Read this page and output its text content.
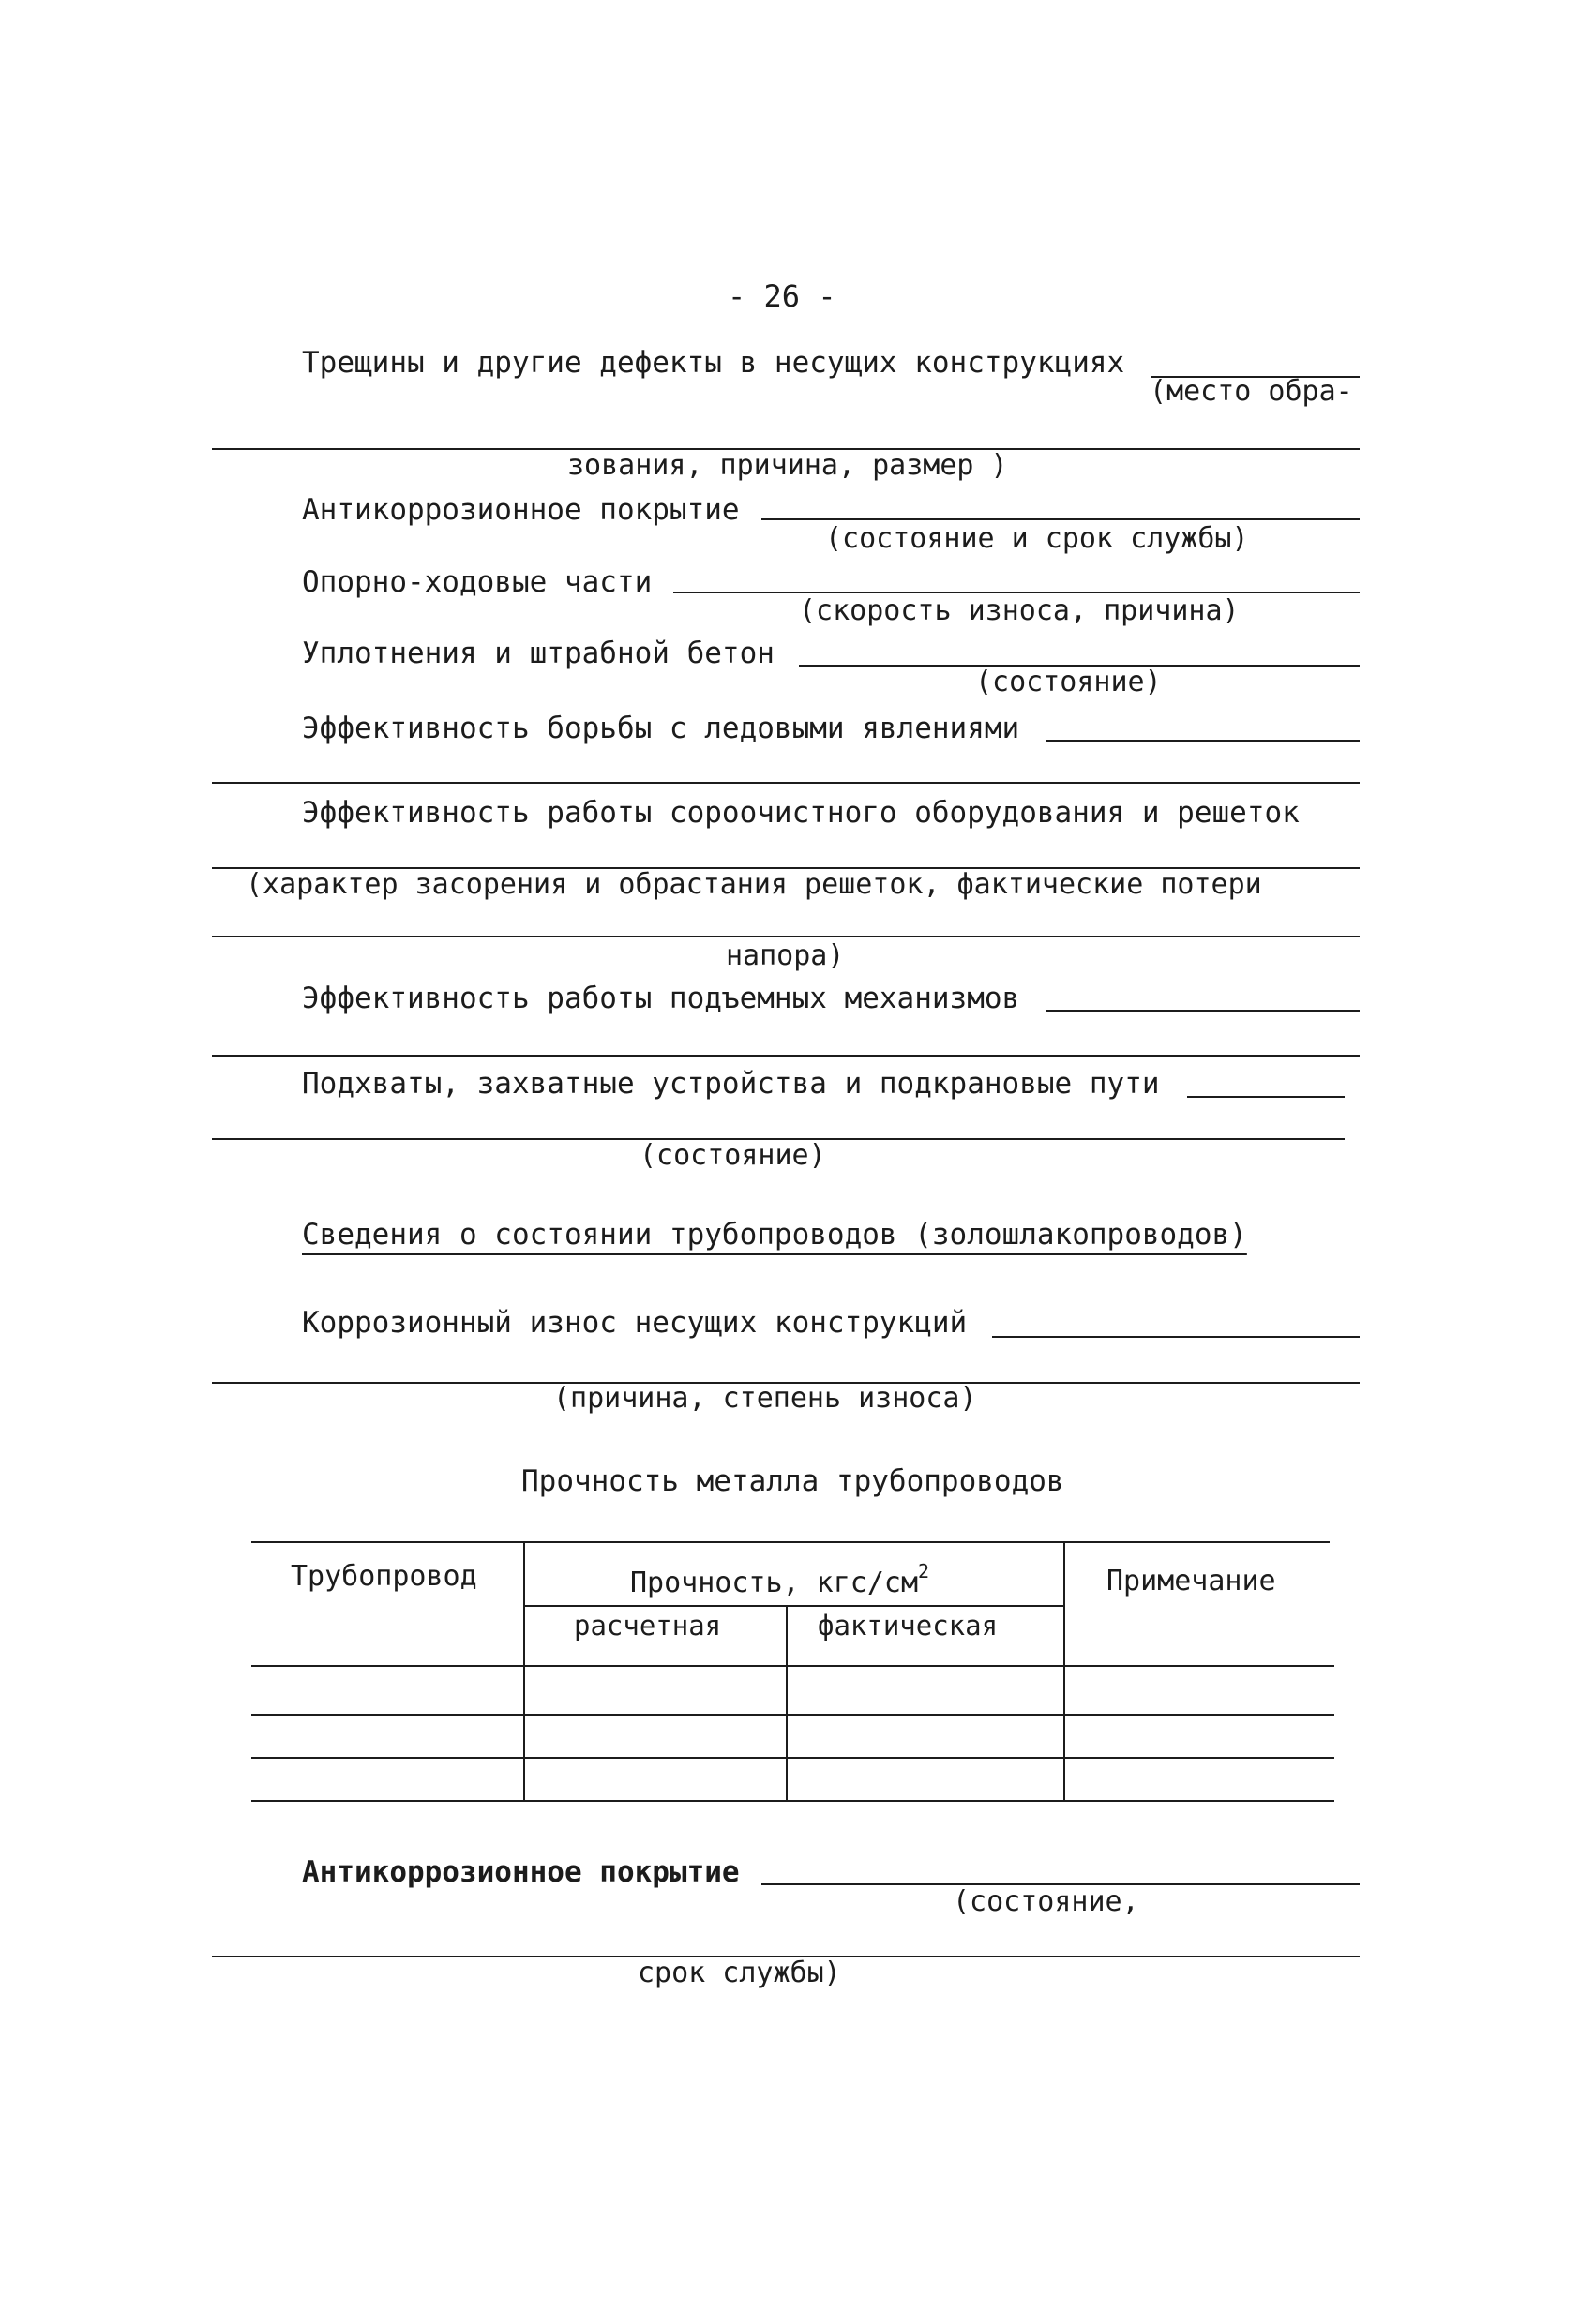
- 26 -
Трещины и другие дефекты в несущих конструкциях
(место обра-
зования, причина, размер )
Антикоррозионное покрытие
(состояние и срок службы)
Опорно-ходовые части
(скорость износа, причина)
Уплотнения и штрабной бетон
(состояние)
Эффективность борьбы с ледовыми явлениями
Эффективность работы сороочистного оборудования и решеток
(характер засорения и обрастания решеток, фактические потери
напора)
Эффективность работы подъемных механизмов
Подхваты, захватные устройства и подкрановые пути
(состояние)
Сведения о состоянии трубопроводов (золошлакопроводов)
Коррозионный износ несущих конструкций
(причина, степень износа)
Прочность металла трубопроводов
Трубопровод	Прочность, кгс/$см^2$
расчетная	фактическая
Примечание
Антикоррозионное покрытие
(состояние,
срок службы)
